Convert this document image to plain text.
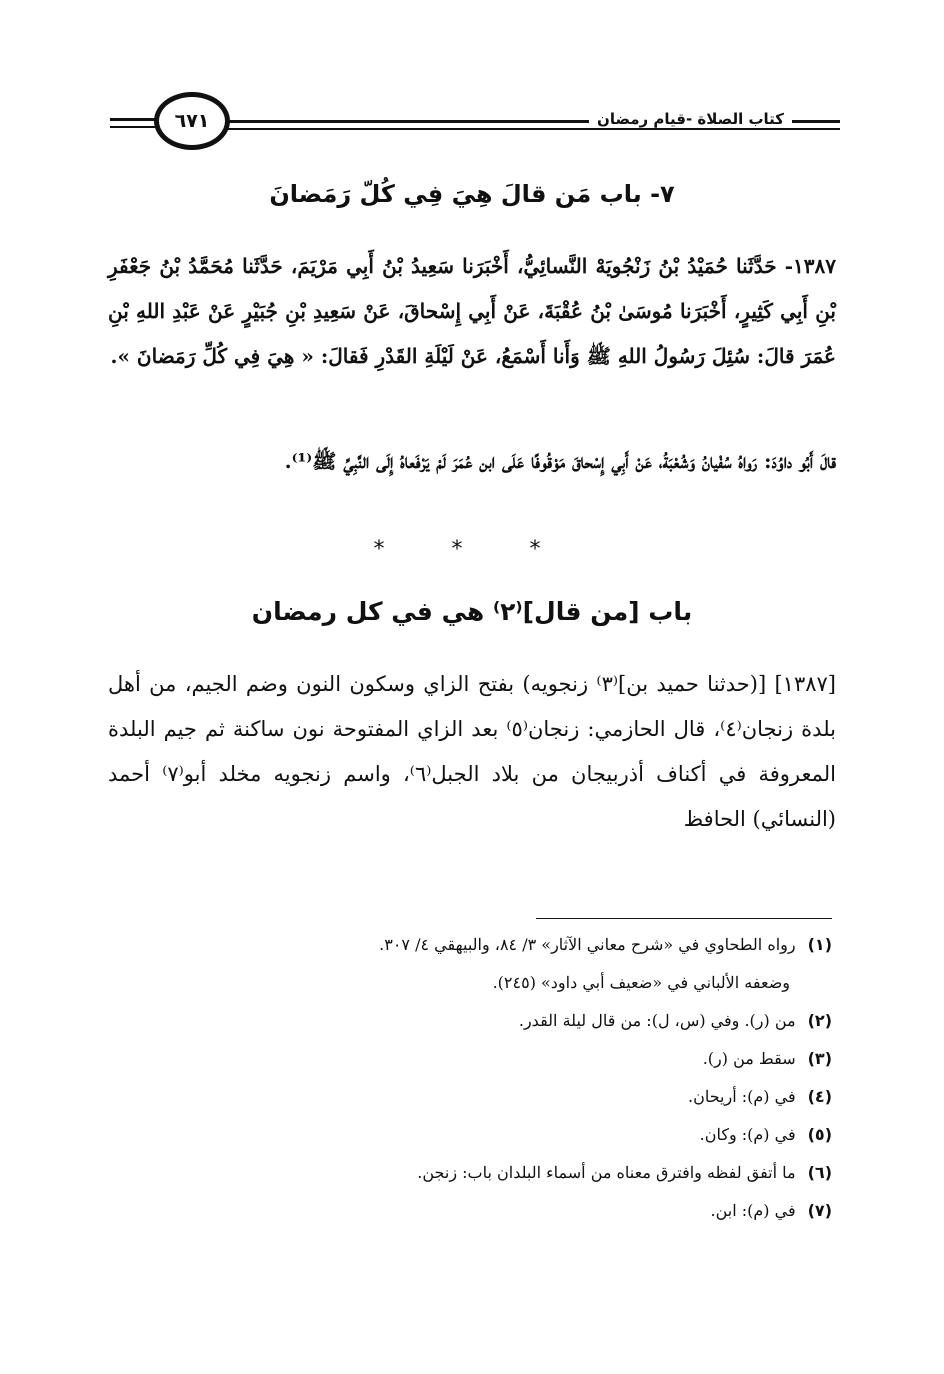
٦٧١	كتاب الصلاة -قيام رمضان
٧- باب مَن قالَ هِيَ فِي كُلّ رَمَضانَ
١٣٨٧- حَدَّثَنا حُمَيْدُ بْنُ زَنْجُويَهْ النَّسائِيُّ، أَخْبَرَنا سَعِيدُ بْنُ أَبِي مَرْيَمَ، حَدَّثَنا مُحَمَّدُ بْنُ جَعْفَرِ بْنِ أَبِي كَثِيرٍ، أَخْبَرَنا مُوسَىٰ بْنُ عُقْبَةَ، عَنْ أَبِي إِسْحاقَ، عَنْ سَعِيدِ بْنِ جُبَيْرٍ عَنْ عَبْدِ اللهِ بْنِ عُمَرَ قالَ: سُئِلَ رَسُولُ اللهِ ﷺ وَأَنا أَسْمَعُ، عَنْ لَيْلَةِ القَدْرِ فَقالَ: « هِيَ فِي كُلِّ رَمَضانَ ».
قالَ أَبُو داوُدَ: رَواهُ سُفْيانُ وَشُعْبَةُ، عَنْ أَبِي إِسْحاقَ مَوْقُوفًا عَلَى ابن عُمَرَ لَمْ يَرْفَعاهُ إِلَى النَّبِيِّ ﷺ⁽¹⁾.
* * *
باب [من قال]⁽٢⁾ هي في كل رمضان
[١٣٨٧] [(حدثنا حميد بن]⁽٣⁾ زنجويه) بفتح الزاي وسكون النون وضم الجيم، من أهل بلدة زنجان⁽٤⁾، قال الحازمي: زنجان⁽٥⁾ بعد الزاي المفتوحة نون ساكنة ثم جيم البلدة المعروفة في أكناف أذربيجان من بلاد الجبل⁽٦⁾، واسم زنجويه مخلد أبو⁽٧⁾ أحمد (النسائي) الحافظ
(١)رواه الطحاوي في «شرح معاني الآثار» ٣/ ٨٤، والبيهقي ٤/ ٣٠٧.
وضعفه الألباني في «ضعيف أبي داود» (٢٤٥).
(٢)من (ر). وفي (س، ل): من قال ليلة القدر.
(٣)سقط من (ر).
(٤)في (م): أريحان.
(٥)في (م): وكان.
(٦)ما أتفق لفظه وافترق معناه من أسماء البلدان باب: زنجن.
(٧)في (م): ابن.
